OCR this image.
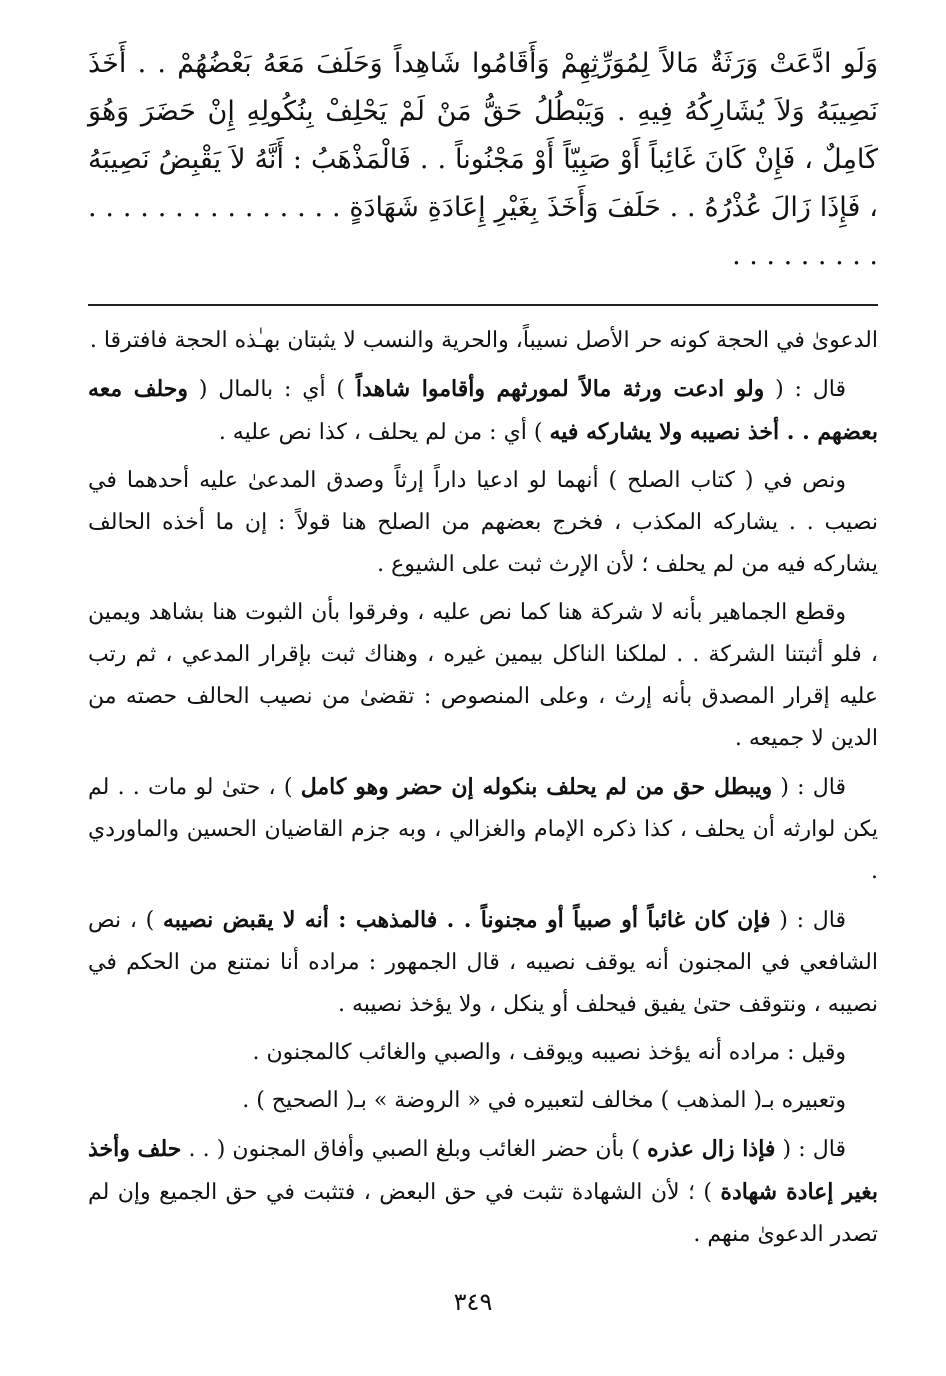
وَلَو ادَّعَتْ وَرَثَةٌ مَالاً لِمُوَرِّثِهِمْ وَأَقَامُوا شَاهِداً وَحَلَفَ مَعَهُ بَعْضُهُمْ . . أَخَذَ نَصِيبَهُ وَلاَ يُشَارِكُهُ فِيهِ . وَيَبْطُلُ حَقُّ مَنْ لَمْ يَحْلِفْ بِنُكُولِهِ إِنْ حَضَرَ وَهُوَ كَامِلٌ ، فَإِنْ كَانَ غَائِباً أَوْ صَبِيّاً أَوْ مَجْنُوناً . . فَالْمَذْهَبُ : أَنَّهُ لاَ يَقْبِضُ نَصِيبَهُ ، فَإِذَا زَالَ عُذْرُهُ . . حَلَفَ وَأَخَذَ بِغَيْرِ إِعَادَةِ شَهَادَةٍ . . . . . . . . . . . . . . . . . . . . . . . .

الدعوىٰ في الحجة كونه حر الأصل نسيباً، والحرية والنسب لا يثبتان بهـٰذه الحجة فافترقا .

قال : ( ولو ادعت ورثة مالاً لمورثهم وأقاموا شاهداً ) أي : بالمال ( وحلف معه بعضهم . . أخذ نصيبه ولا يشاركه فيه ) أي : من لم يحلف ، كذا نص عليه .

ونص في ( كتاب الصلح ) أنهما لو ادعيا داراً إرثاً وصدق المدعىٰ عليه أحدهما في نصيب . . يشاركه المكذب ، فخرج بعضهم من الصلح هنا قولاً : إن ما أخذه الحالف يشاركه فيه من لم يحلف ؛ لأن الإرث ثبت على الشيوع .

وقطع الجماهير بأنه لا شركة هنا كما نص عليه ، وفرقوا بأن الثبوت هنا بشاهد ويمين ، فلو أثبتنا الشركة . . لملكنا الناكل بيمين غيره ، وهناك ثبت بإقرار المدعي ، ثم رتب عليه إقرار المصدق بأنه إرث ، وعلى المنصوص : تقضىٰ من نصيب الحالف حصته من الدين لا جميعه .

قال : ( ويبطل حق من لم يحلف بنكوله إن حضر وهو كامل ) ، حتىٰ لو مات . . لم يكن لوارثه أن يحلف ، كذا ذكره الإمام والغزالي ، وبه جزم القاضيان الحسين والماوردي .

قال : ( فإن كان غائباً أو صبياً أو مجنوناً . . فالمذهب : أنه لا يقبض نصيبه ) ، نص الشافعي في المجنون أنه يوقف نصيبه ، قال الجمهور : مراده أنا نمتنع من الحكم في نصيبه ، ونتوقف حتىٰ يفيق فيحلف أو ينكل ، ولا يؤخذ نصيبه .

وقيل : مراده أنه يؤخذ نصيبه ويوقف ، والصبي والغائب كالمجنون .

وتعبيره بـ( المذهب ) مخالف لتعبيره في « الروضة » بـ( الصحيح ) .

قال : ( فإذا زال عذره ) بأن حضر الغائب وبلغ الصبي وأفاق المجنون ( . . حلف وأخذ بغير إعادة شهادة ) ؛ لأن الشهادة تثبت في حق البعض ، فتثبت في حق الجميع وإن لم تصدر الدعوىٰ منهم .

٣٤٩
